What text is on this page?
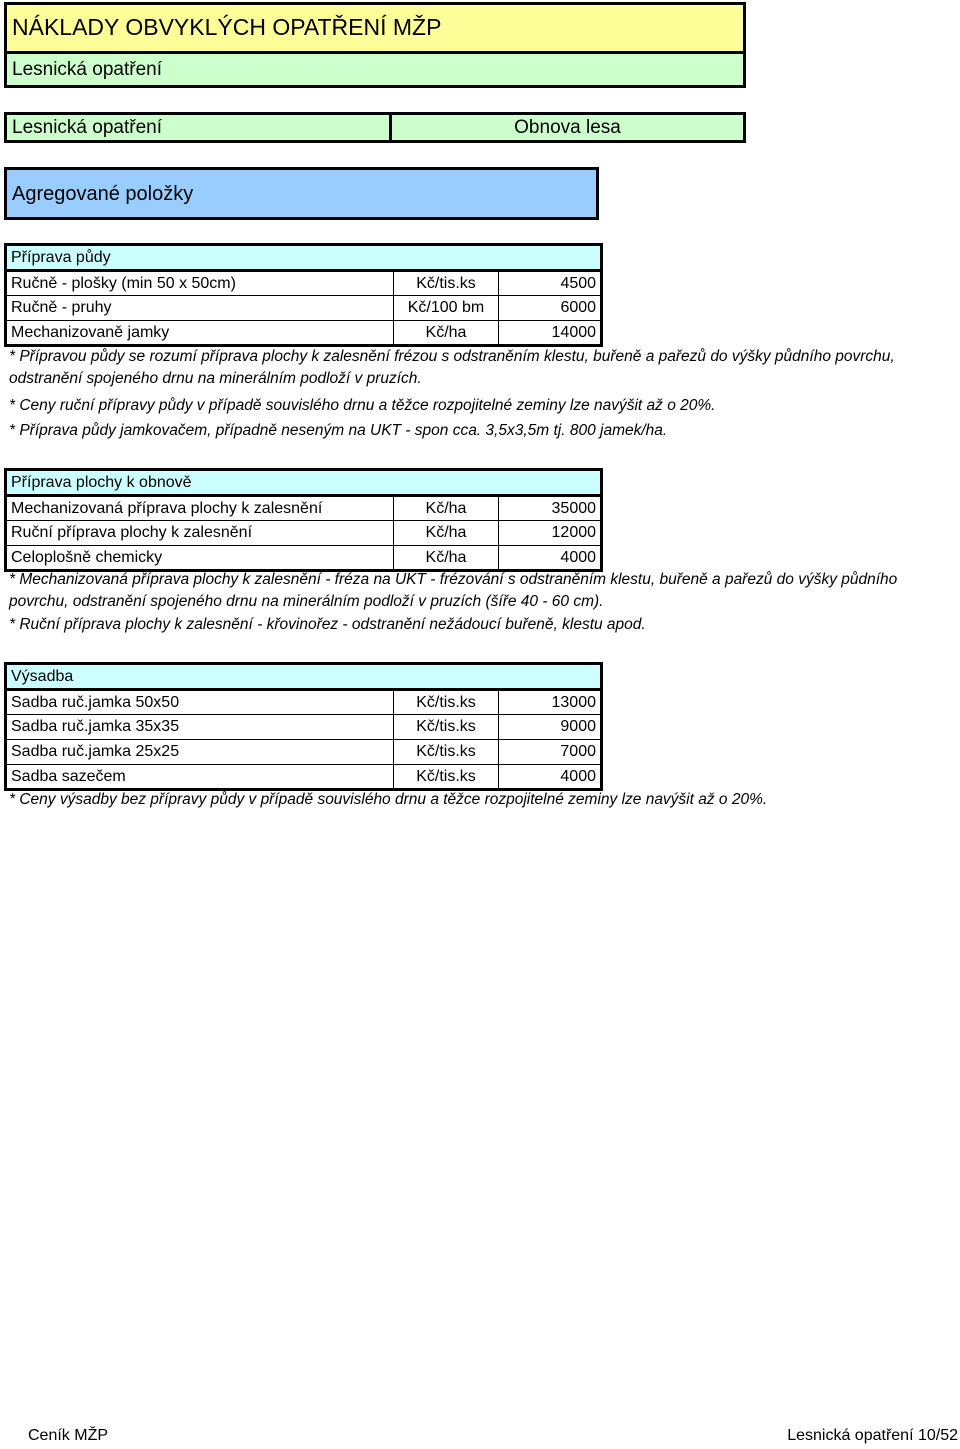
NÁKLADY OBVYKLÝCH OPATŘENÍ MŽP
Lesnická opatření
Lesnická opatření	Obnova lesa
Agregované položky
Příprava půdy		
Ručně - plošky (min 50 x 50cm)	Kč/tis.ks	4500
Ručně - pruhy	Kč/100 bm	6000
Mechanizovaně jamky	Kč/ha	14000
* Přípravou půdy se rozumí příprava plochy k zalesnění frézou s odstraněním klestu, buřeně a pařezů do výšky půdního povrchu, odstranění spojeného drnu na minerálním podloží v pruzích.
* Ceny ruční přípravy půdy v případě souvislého drnu a těžce rozpojitelné zeminy lze navýšit až o 20%.
* Příprava půdy jamkovačem, případně neseným na UKT - spon cca. 3,5x3,5m tj. 800 jamek/ha.
Příprava plochy k obnově		
Mechanizovaná příprava plochy k zalesnění	Kč/ha	35000
Ruční příprava plochy k zalesnění	Kč/ha	12000
Celoplošně chemicky	Kč/ha	4000
* Mechanizovaná příprava plochy k zalesnění - fréza na UKT - frézování s odstraněním klestu, buřeně a pařezů do výšky půdního povrchu, odstranění spojeného drnu na minerálním podloží v pruzích (šíře 40 - 60 cm).
* Ruční příprava plochy k zalesnění - křovinořez - odstranění nežádoucí buřeně, klestu apod.
Výsadba		
Sadba ruč.jamka 50x50	Kč/tis.ks	13000
Sadba ruč.jamka 35x35	Kč/tis.ks	9000
Sadba ruč.jamka 25x25	Kč/tis.ks	7000
Sadba sazečem	Kč/tis.ks	4000
* Ceny výsadby bez přípravy půdy v případě souvislého drnu a těžce rozpojitelné zeminy lze navýšit až o 20%.
Ceník MŽP	Lesnická opatření 10/52
